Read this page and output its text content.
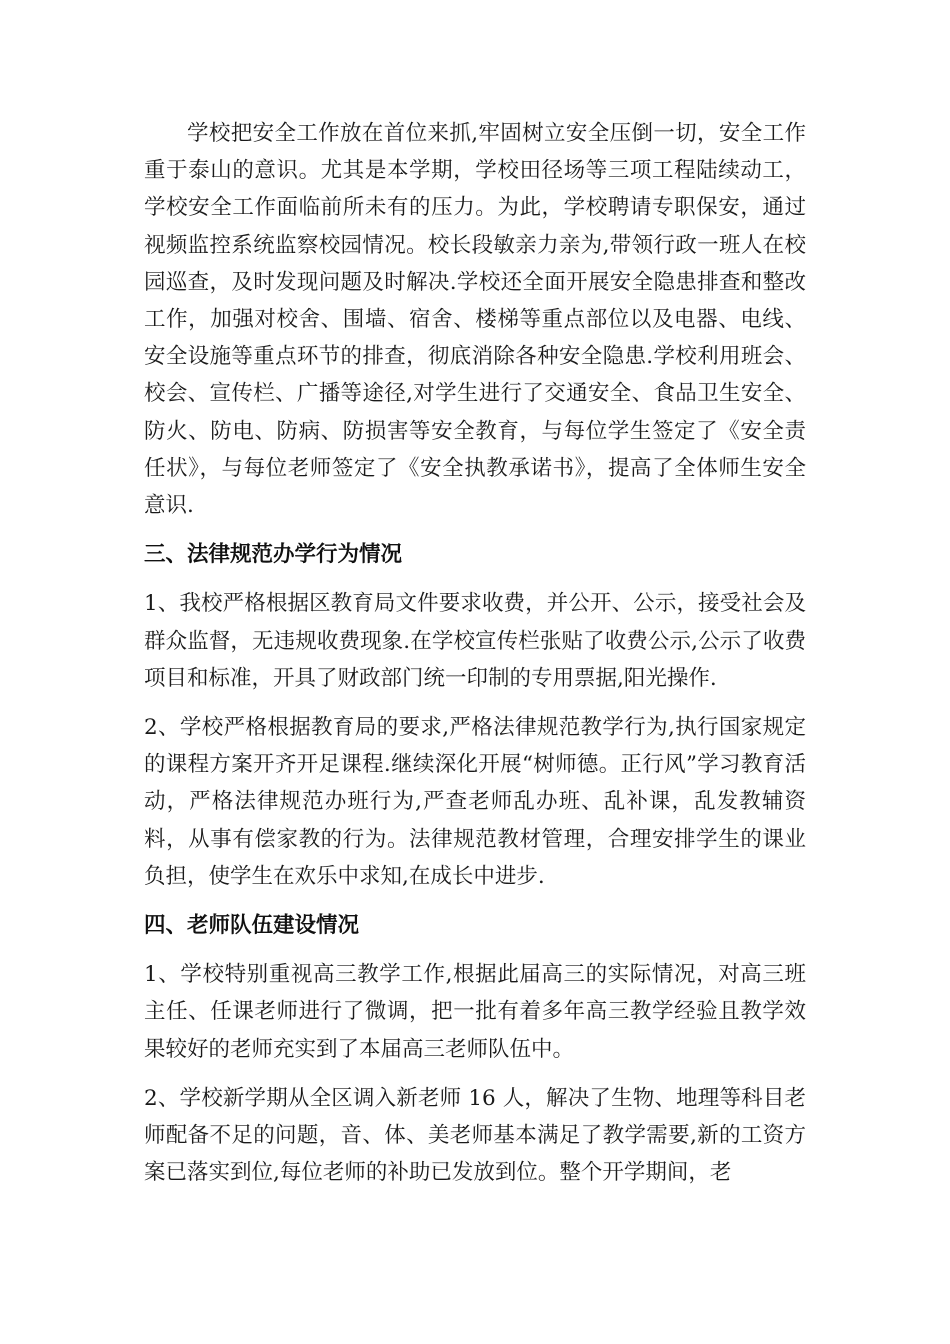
学校把安全工作放在首位来抓,牢固树立安全压倒一切，安全工作重于泰山的意识。尤其是本学期，学校田径场等三项工程陆续动工，学校安全工作面临前所未有的压力。为此，学校聘请专职保安，通过视频监控系统监察校园情况。校长段敏亲力亲为,带领行政一班人在校园巡查，及时发现问题及时解决.学校还全面开展安全隐患排查和整改工作，加强对校舍、围墙、宿舍、楼梯等重点部位以及电器、电线、安全设施等重点环节的排查，彻底消除各种安全隐患.学校利用班会、校会、宣传栏、广播等途径,对学生进行了交通安全、食品卫生安全、防火、防电、防病、防损害等安全教育，与每位学生签定了《安全责任状》，与每位老师签定了《安全执教承诺书》，提高了全体师生安全意识.

三、法律规范办学行为情况

1、我校严格根据区教育局文件要求收费，并公开、公示，接受社会及群众监督，无违规收费现象.在学校宣传栏张贴了收费公示,公示了收费项目和标准，开具了财政部门统一印制的专用票据,阳光操作.

2、学校严格根据教育局的要求,严格法律规范教学行为,执行国家规定的课程方案开齐开足课程.继续深化开展“树师德。正行风”学习教育活动，严格法律规范办班行为,严查老师乱办班、乱补课，乱发教辅资料，从事有偿家教的行为。法律规范教材管理，合理安排学生的课业负担，使学生在欢乐中求知,在成长中进步.

四、老师队伍建设情况

1、学校特别重视高三教学工作,根据此届高三的实际情况，对高三班主任、任课老师进行了微调，把一批有着多年高三教学经验且教学效果较好的老师充实到了本届高三老师队伍中。

2、学校新学期从全区调入新老师 16 人，解决了生物、地理等科目老师配备不足的问题，音、体、美老师基本满足了教学需要,新的工资方案已落实到位,每位老师的补助已发放到位。整个开学期间，老
